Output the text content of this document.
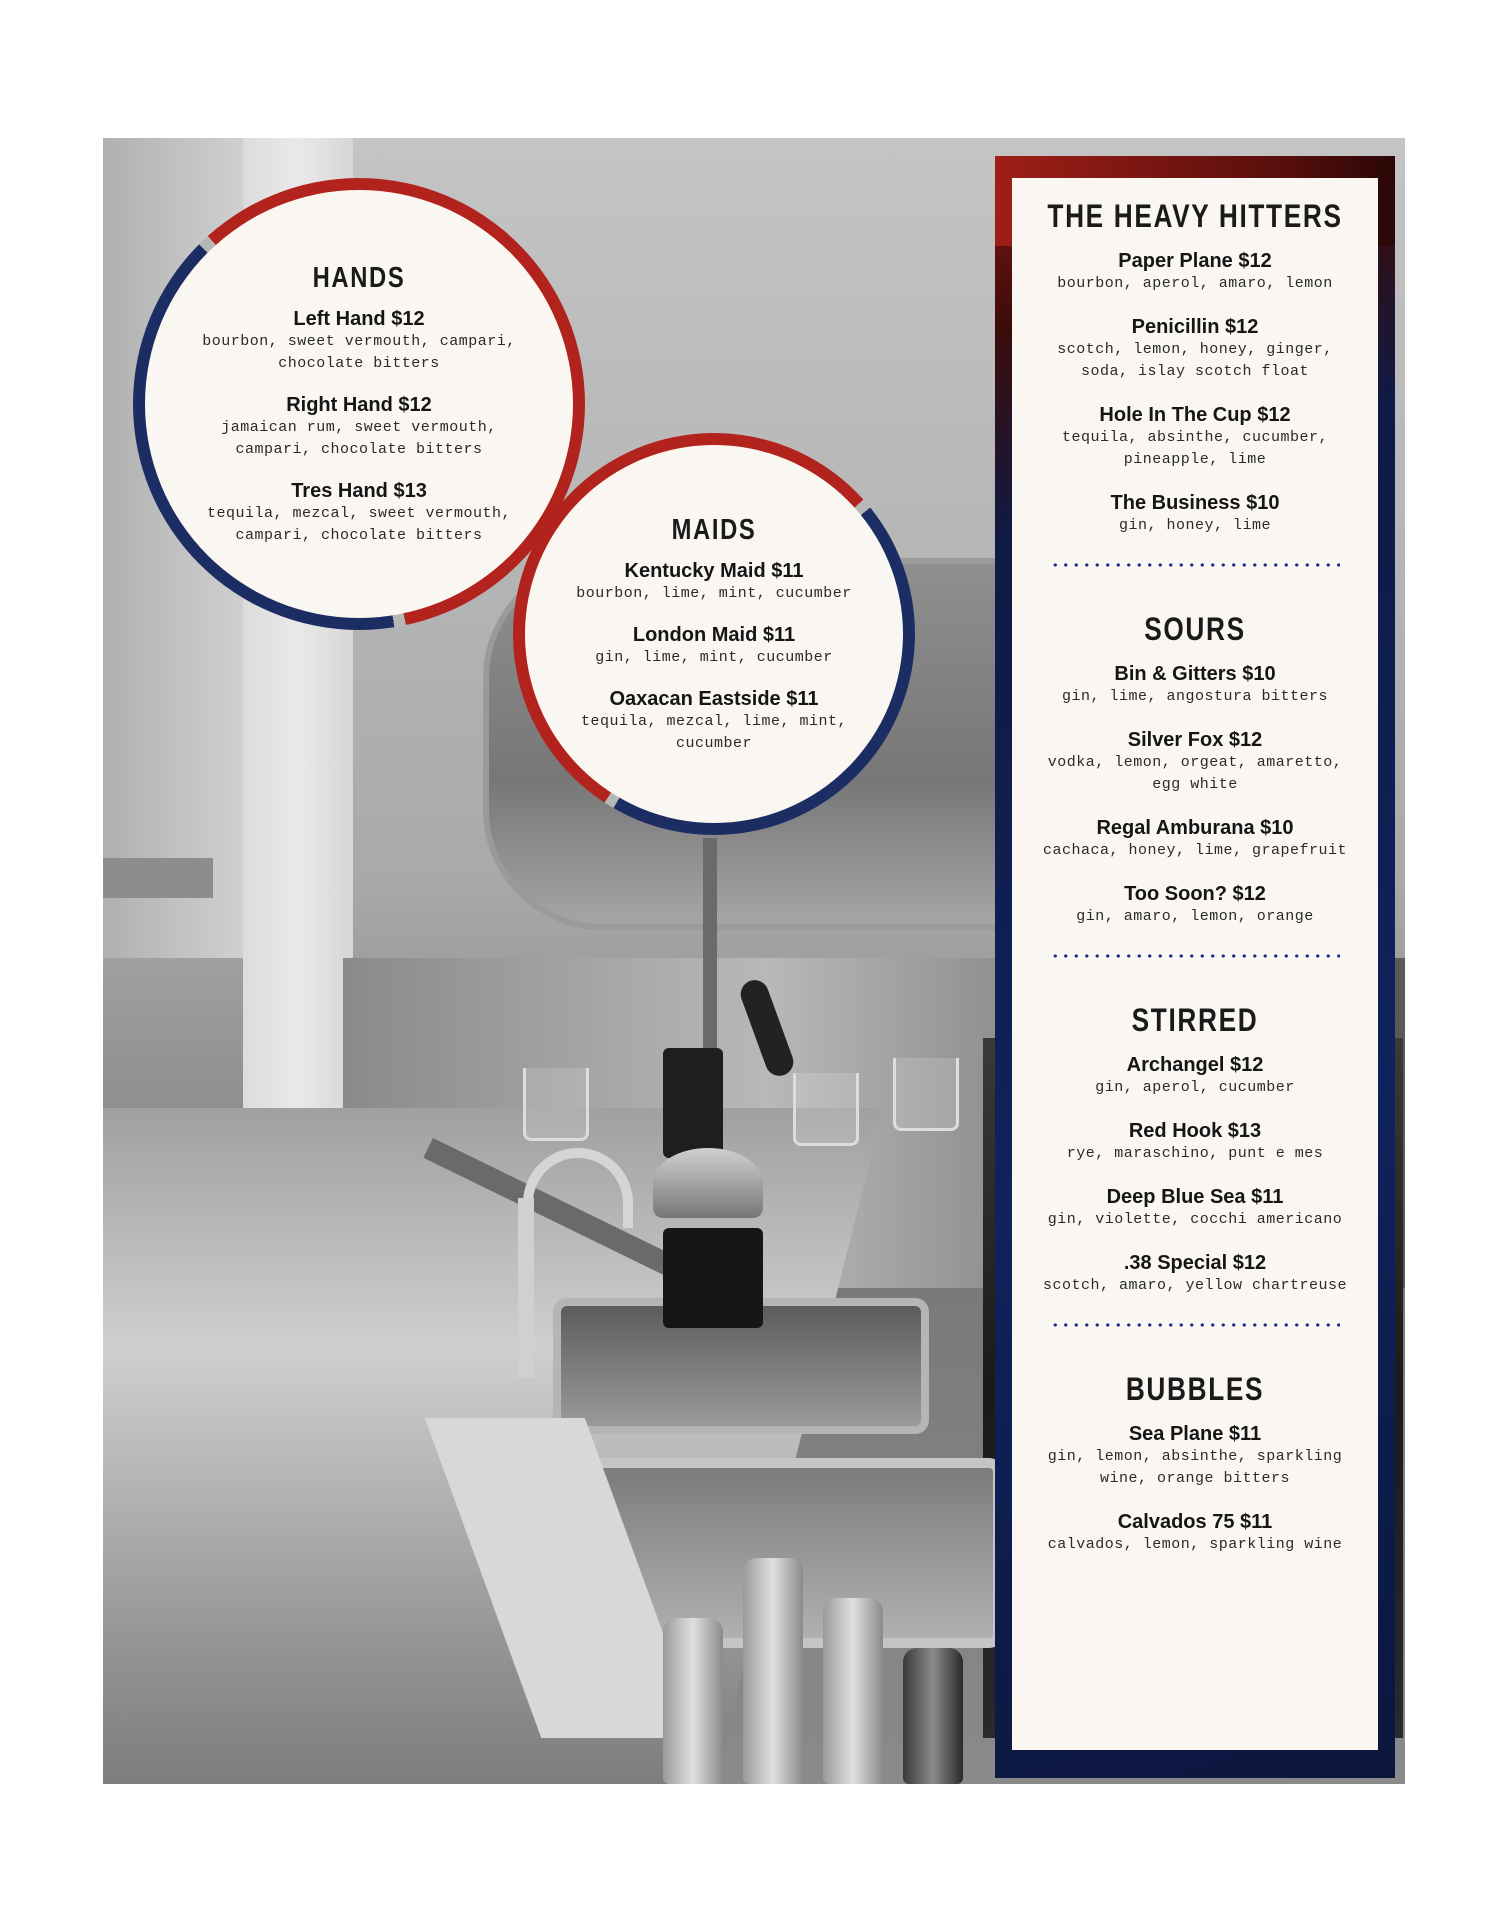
HANDS
Left Hand $12
bourbon, sweet vermouth, campari, chocolate bitters
Right Hand $12
jamaican rum, sweet vermouth, campari, chocolate bitters
Tres Hand $13
tequila, mezcal, sweet vermouth, campari, chocolate bitters	MAIDS
Kentucky Maid $11
bourbon, lime, mint, cucumber
London Maid $11
gin, lime, mint, cucumber
Oaxacan Eastside $11
tequila, mezcal, lime, mint, cucumber
THE HEAVY HITTERS
Paper Plane $12
bourbon, aperol, amaro, lemon
Penicillin $12
scotch, lemon, honey, ginger, soda, islay scotch float
Hole In The Cup $12
tequila, absinthe, cucumber, pineapple, lime
The Business $10
gin, honey, lime
SOURS
Bin & Gitters $10
gin, lime, angostura bitters
Silver Fox $12
vodka, lemon, orgeat, amaretto, egg white
Regal Amburana $10
cachaca, honey, lime, grapefruit
Too Soon? $12
gin, amaro, lemon, orange
STIRRED
Archangel $12
gin, aperol, cucumber
Red Hook $13
rye, maraschino, punt e mes
Deep Blue Sea $11
gin, violette, cocchi americano
.38 Special $12
scotch, amaro, yellow chartreuse
BUBBLES
Sea Plane $11
gin, lemon, absinthe, sparkling wine, orange bitters
Calvados 75 $11
calvados, lemon, sparkling wine
